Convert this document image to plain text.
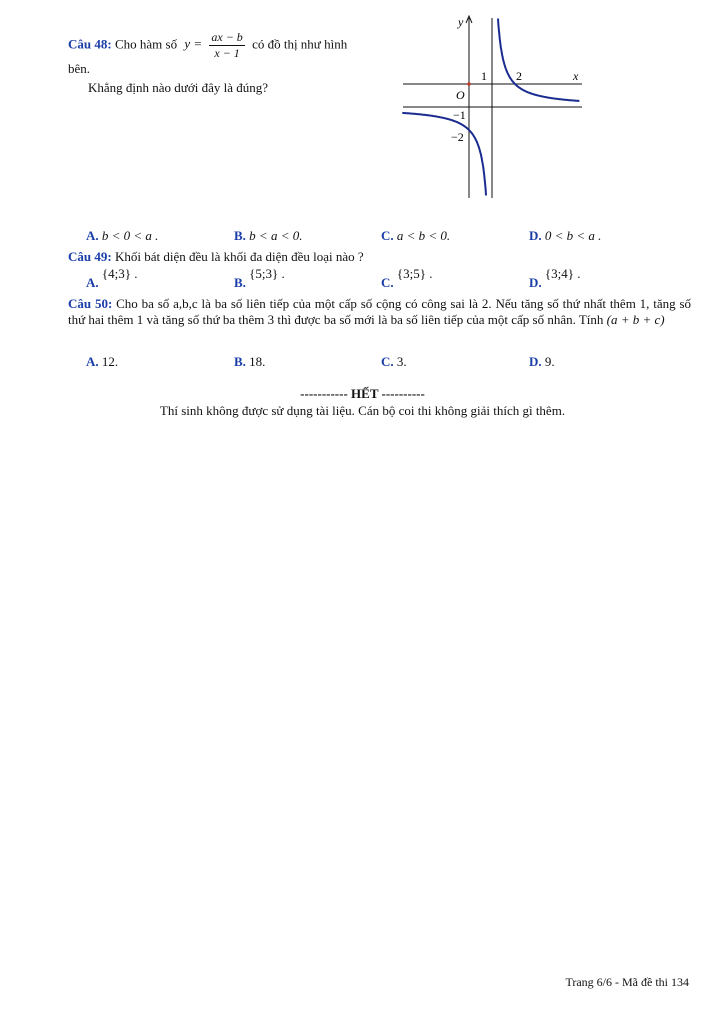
Câu 48: Cho hàm số $y = \frac{ax - b}{x - 1}$ có đồ thị như hình
bên.
Khẳng định nào dưới đây là đúng?
y
x
O
1 2
−1
−2
A. b < 0 < a .	B. b < a < 0.	C. a < b < 0.	D. 0 < b < a .
Câu 49: Khối bát diện đều là khối đa diện đều loại nào ?
A. {4;3} .
B. {5;3} .
C. {3;5} .
D. {3;4} .
Câu 50: Cho ba số a,b,c là ba số liên tiếp của một cấp số cộng có công sai là 2. Nếu tăng số thứ nhất thêm 1, tăng số thứ hai thêm 1 và tăng số thứ ba thêm 3 thì được ba số mới là ba số liên tiếp của một cấp số nhân. Tính (a + b + c)
A. 12.	B. 18.	C. 3.	D. 9.
----------- HẾT ----------
Thí sinh không được sử dụng tài liệu. Cán bộ coi thi không giải thích gì thêm.
Trang 6/6 - Mã đề thi 134
